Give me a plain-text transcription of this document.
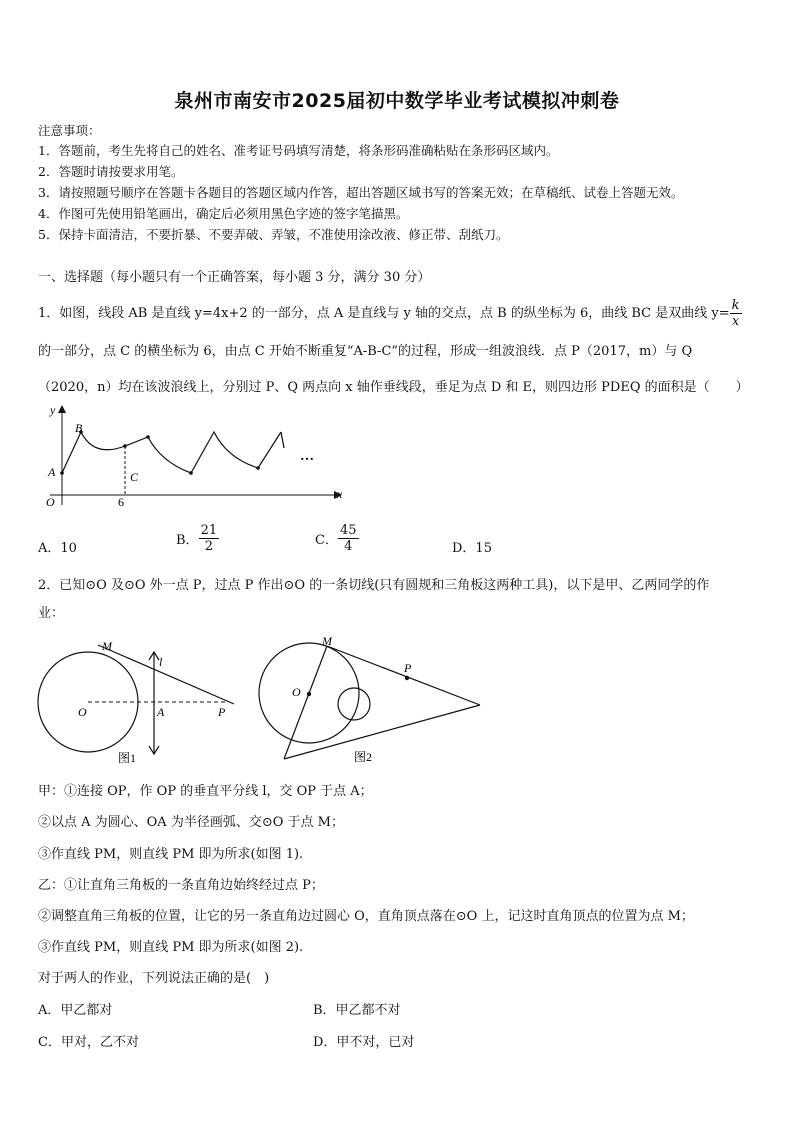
泉州市南安市2025届初中数学毕业考试模拟冲刺卷
注意事项：
1．答题前，考生先将自己的姓名、准考证号码填写清楚，将条形码准确粘贴在条形码区域内。
2．答题时请按要求用笔。
3．请按照题号顺序在答题卡各题目的答题区域内作答，超出答题区域书写的答案无效；在草稿纸、试卷上答题无效。
4．作图可先使用铅笔画出，确定后必须用黑色字迹的签字笔描黑。
5．保持卡面清洁，不要折暴、不要弄破、弄皱，不准使用涂改液、修正带、刮纸刀。
一、选择题（每小题只有一个正确答案，每小题 3 分，满分 30 分）
1．如图，线段 AB 是直线 y=4x+2 的一部分，点 A 是直线与 y 轴的交点，点 B 的纵坐标为 6，曲线 BC 是双曲线 $y= \frac{k}{x}$
的一部分，点 C 的横坐标为 6，由点 C 开始不断重复“A-B-C”的过程，形成一组波浪线．点 P（2017，m）与 Q
（2020，n）均在该波浪线上，分别过 P、Q 两点向 x 轴作垂线段，垂足为点 D 和 E，则四边形 PDEQ 的面积是（　　）
y
x
O	6
A
B
C
…
A．10
B． $\frac{21}{2}$	C． $\frac{45}{4}$	D．15
2．已知⊙O 及⊙O 外一点 P，过点 P 作出⊙O 的一条切线(只有圆规和三角板这两种工具)，以下是甲、乙两同学的作
业：
M
l
O	A	P
图1
M
P
O
图2
甲：①连接 OP，作 OP 的垂直平分线 l，交 OP 于点 A；
②以点 A 为圆心、OA 为半径画弧、交⊙O 于点 M；
③作直线 PM，则直线 PM 即为所求(如图 1).
乙：①让直角三角板的一条直角边始终经过点 P；
②调整直角三角板的位置，让它的另一条直角边过圆心 O，直角顶点落在⊙O 上，记这时直角顶点的位置为点 M；
③作直线 PM，则直线 PM 即为所求(如图 2).
对于两人的作业，下列说法正确的是(　)
A．甲乙都对	B．甲乙都不对
C．甲对，乙不对	D．甲不对，已对
